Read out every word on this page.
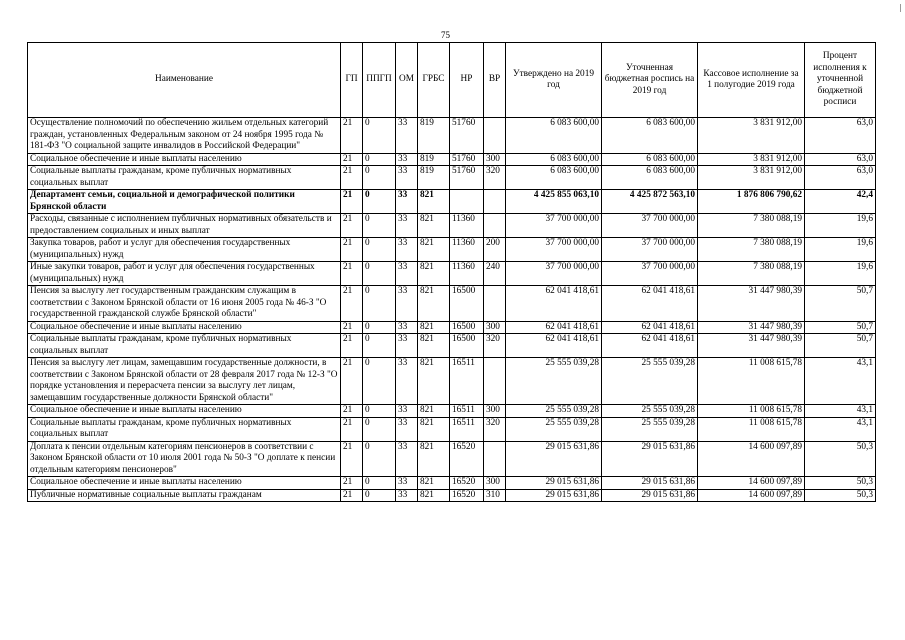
75
Наименование	ГП	ППГП	ОМ	ГРБС	НР	ВР	Утверждено на 2019 год	Уточненная бюджетная роспись на 2019 год	Кассовое исполнение за 1 полугодие 2019 года	Процент исполнения к уточненной бюджетной росписи
Осуществление полномочий по обеспечению жильем отдельных категорий граждан, установленных Федеральным законом от 24 ноября 1995 года № 181-ФЗ "О социальной защите инвалидов в Российской Федерации"	21	0	33	819	51760		6 083 600,00	6 083 600,00	3 831 912,00	63,0
Социальное обеспечение и иные выплаты населению	21	0	33	819	51760	300	6 083 600,00	6 083 600,00	3 831 912,00	63,0
Социальные выплаты гражданам, кроме публичных нормативных социальных выплат	21	0	33	819	51760	320	6 083 600,00	6 083 600,00	3 831 912,00	63,0
Департамент семьи, социальной и демографической политики Брянской области	21	0	33	821			4 425 855 063,10	4 425 872 563,10	1 876 806 790,62	42,4
Расходы, связанные с исполнением публичных нормативных обязательств и предоставлением социальных и иных выплат	21	0	33	821	11360		37 700 000,00	37 700 000,00	7 380 088,19	19,6
Закупка товаров, работ и услуг для обеспечения государственных (муниципальных) нужд	21	0	33	821	11360	200	37 700 000,00	37 700 000,00	7 380 088,19	19,6
Иные закупки товаров, работ и услуг для обеспечения государственных (муниципальных) нужд	21	0	33	821	11360	240	37 700 000,00	37 700 000,00	7 380 088,19	19,6
Пенсия за выслугу лет государственным гражданским служащим в соответствии с Законом Брянской области от 16 июня 2005 года № 46-З "О государственной гражданской службе Брянской области"	21	0	33	821	16500		62 041 418,61	62 041 418,61	31 447 980,39	50,7
Социальное обеспечение и иные выплаты населению	21	0	33	821	16500	300	62 041 418,61	62 041 418,61	31 447 980,39	50,7
Социальные выплаты гражданам, кроме публичных нормативных социальных выплат	21	0	33	821	16500	320	62 041 418,61	62 041 418,61	31 447 980,39	50,7
Пенсия за выслугу лет лицам, замещавшим государственные должности, в соответствии с Законом Брянской области от 28 февраля 2017 года № 12-З "О порядке установления и перерасчета пенсии за выслугу лет лицам, замещавшим государственные должности Брянской области"	21	0	33	821	16511		25 555 039,28	25 555 039,28	11 008 615,78	43,1
Социальное обеспечение и иные выплаты населению	21	0	33	821	16511	300	25 555 039,28	25 555 039,28	11 008 615,78	43,1
Социальные выплаты гражданам, кроме публичных нормативных социальных выплат	21	0	33	821	16511	320	25 555 039,28	25 555 039,28	11 008 615,78	43,1
Доплата к пенсии отдельным категориям пенсионеров в соответствии с Законом Брянской области от 10 июля 2001 года № 50-З "О доплате к пенсии отдельным категориям пенсионеров"	21	0	33	821	16520		29 015 631,86	29 015 631,86	14 600 097,89	50,3
Социальное обеспечение и иные выплаты населению	21	0	33	821	16520	300	29 015 631,86	29 015 631,86	14 600 097,89	50,3
Публичные нормативные социальные выплаты гражданам	21	0	33	821	16520	310	29 015 631,86	29 015 631,86	14 600 097,89	50,3
